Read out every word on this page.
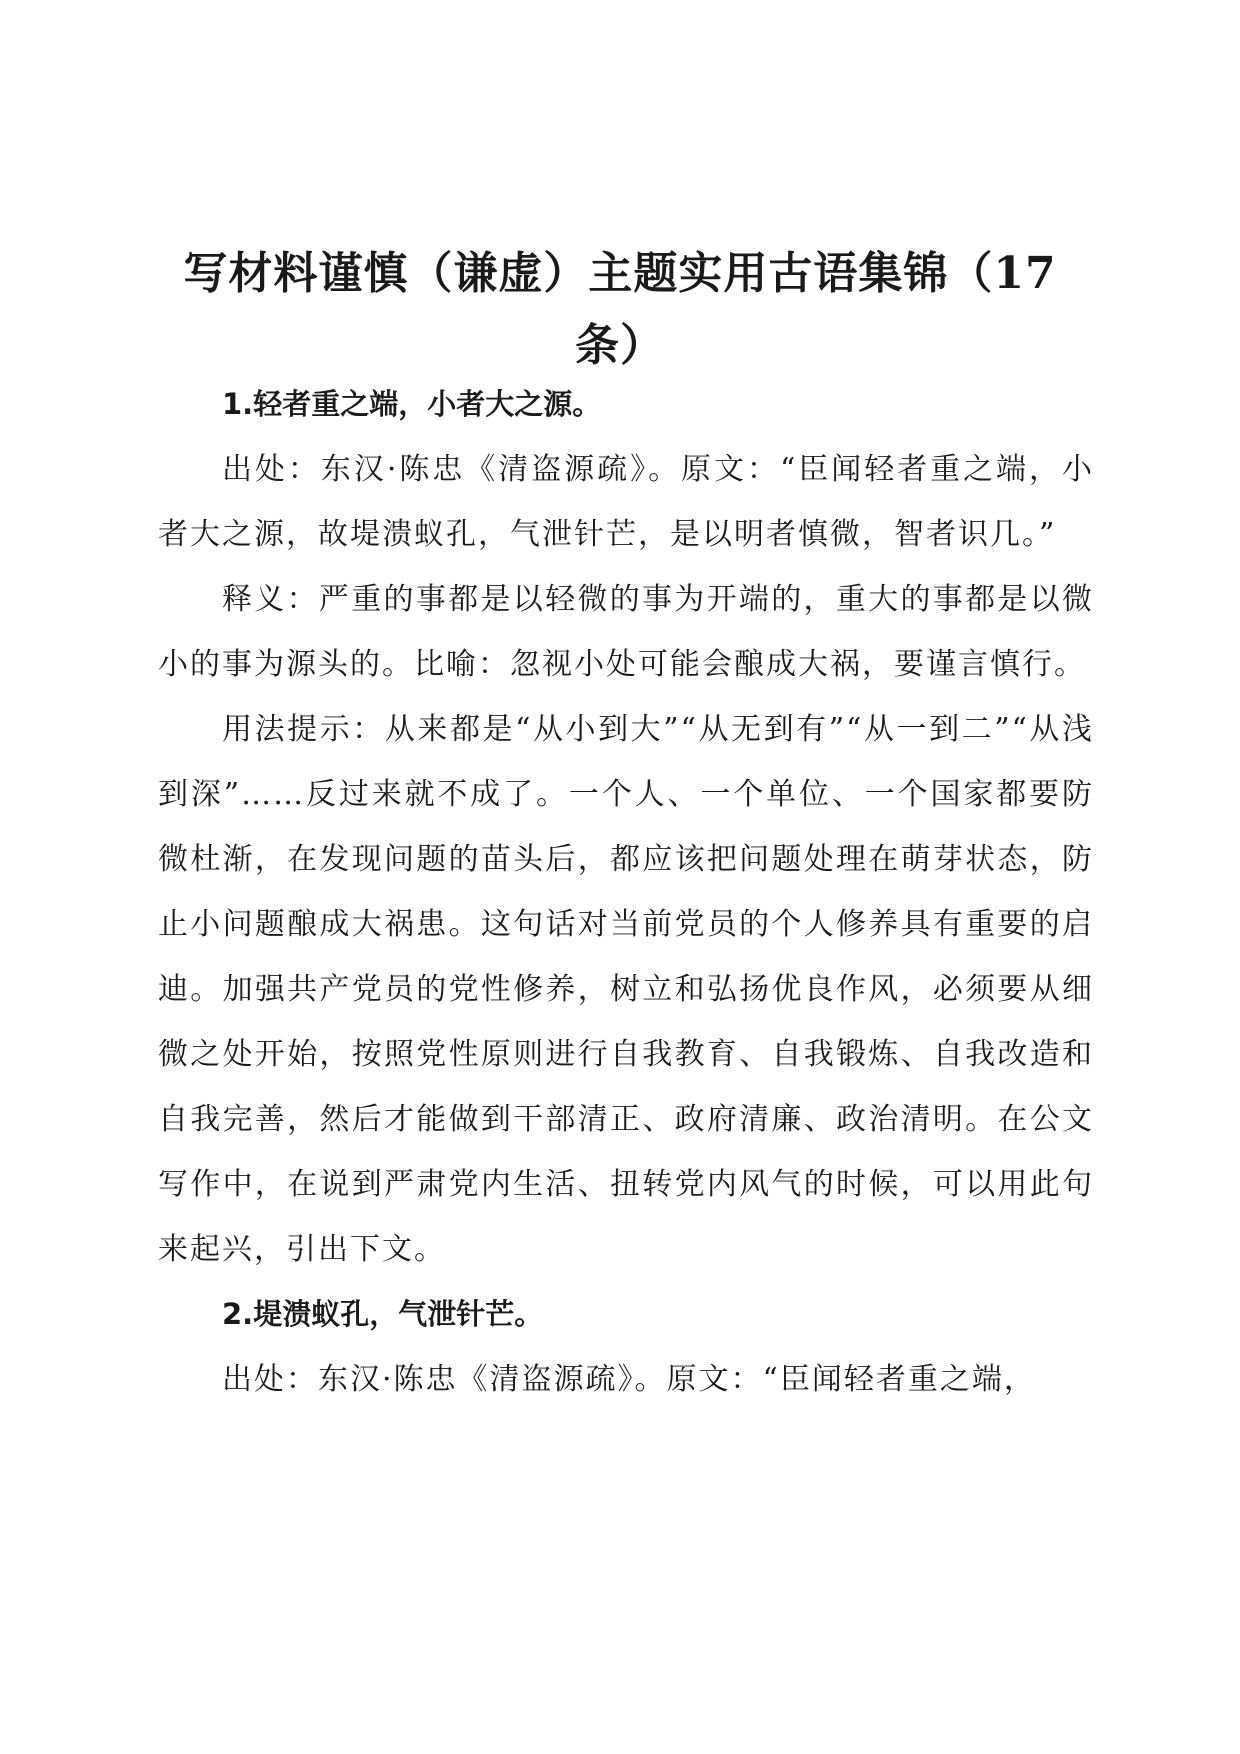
写材料谨慎（谦虚）主题实用古语集锦（17条）

1.轻者重之端，小者大之源。

出处：东汉·陈忠《清盗源疏》。原文：“臣闻轻者重之端，小者大之源，故堤溃蚁孔，气泄针芒，是以明者慎微，智者识几。”

释义：严重的事都是以轻微的事为开端的，重大的事都是以微小的事为源头的。比喻：忽视小处可能会酿成大祸，要谨言慎行。

用法提示：从来都是“从小到大”“从无到有”“从一到二”“从浅到深”……反过来就不成了。一个人、一个单位、一个国家都要防微杜渐，在发现问题的苗头后，都应该把问题处理在萌芽状态，防止小问题酿成大祸患。这句话对当前党员的个人修养具有重要的启迪。加强共产党员的党性修养，树立和弘扬优良作风，必须要从细微之处开始，按照党性原则进行自我教育、自我锻炼、自我改造和自我完善，然后才能做到干部清正、政府清廉、政治清明。在公文写作中，在说到严肃党内生活、扭转党内风气的时候，可以用此句来起兴，引出下文。

2.堤溃蚁孔，气泄针芒。

出处：东汉·陈忠《清盗源疏》。原文：“臣闻轻者重之端，
